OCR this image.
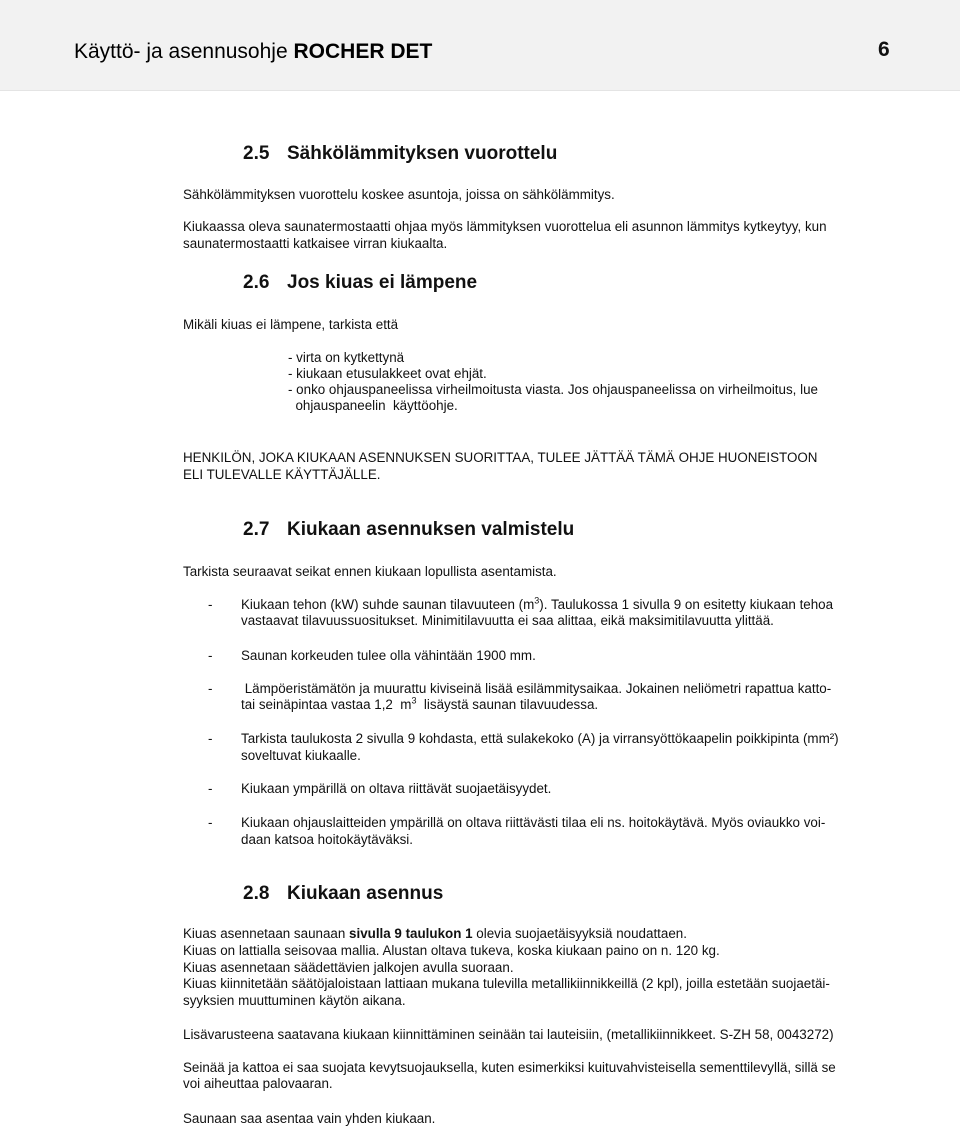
Käyttö- ja asennusohje ROCHER DET	6
2.5 Sähkölämmityksen vuorottelu
Sähkölämmityksen vuorottelu koskee asuntoja, joissa on sähkölämmitys.
Kiukaassa oleva saunatermostaatti ohjaa myös lämmityksen vuorottelua eli asunnon lämmitys kytkeytyy, kun
saunatermostaatti katkaisee virran kiukaalta.
2.6 Jos kiuas ei lämpene
Mikäli kiuas ei lämpene, tarkista että
- virta on kytkettynä
- kiukaan etusulakkeet ovat ehjät.
- onko ohjauspaneelissa virheilmoitusta viasta. Jos ohjauspaneelissa on virheilmoitus, lue
ohjauspaneelin  käyttöohje.
HENKILÖN, JOKA KIUKAAN ASENNUKSEN SUORITTAA, TULEE JÄTTÄÄ TÄMÄ OHJE HUONEISTOON
ELI TULEVALLE KÄYTTÄJÄLLE.
2.7 Kiukaan asennuksen valmistelu
Tarkista seuraavat seikat ennen kiukaan lopullista asentamista.
- Kiukaan tehon (kW) suhde saunan tilavuuteen $(m^3)$. Taulukossa 1 sivulla 9 on esitetty kiukaan tehoa
vastaavat tilavuussuositukset. Minimitilavuutta ei saa alittaa, eikä maksimitilavuutta ylittää.
- Saunan korkeuden tulee olla vähintään 1900 mm.
- Lämpöeristämätön ja muurattu kiviseinä lisää esilämmitysaikaa. Jokainen neliömetri rapattua katto-
tai seinäpintaa vastaa 1,2  $m^3$  lisäystä saunan tilavuudessa.
- Tarkista taulukosta 2 sivulla 9 kohdasta, että sulakekoko (A) ja virransyöttökaapelin poikkipinta (mm²)
soveltuvat kiukaalle.
- Kiukaan ympärillä on oltava riittävät suojaetäisyydet.
- Kiukaan ohjauslaitteiden ympärillä on oltava riittävästi tilaa eli ns. hoitokäytävä. Myös oviaukko voi-
daan katsoa hoitokäytäväksi.
2.8 Kiukaan asennus
Kiuas asennetaan saunaan sivulla 9 taulukon 1 olevia suojaetäisyyksiä noudattaen.
Kiuas on lattialla seisovaa mallia. Alustan oltava tukeva, koska kiukaan paino on n. 120 kg.
Kiuas asennetaan säädettävien jalkojen avulla suoraan.
Kiuas kiinnitetään säätöjaloistaan lattiaan mukana tulevilla metallikiinnikkeillä (2 kpl), joilla estetään suojaetäi-
syyksien muuttuminen käytön aikana.
Lisävarusteena saatavana kiukaan kiinnittäminen seinään tai lauteisiin, (metallikiinnikkeet. S-ZH 58, 0043272)
Seinää ja kattoa ei saa suojata kevytsuojauksella, kuten esimerkiksi kuituvahvisteisella sementtilevyllä, sillä se
voi aiheuttaa palovaaran.
Saunaan saa asentaa vain yhden kiukaan.
